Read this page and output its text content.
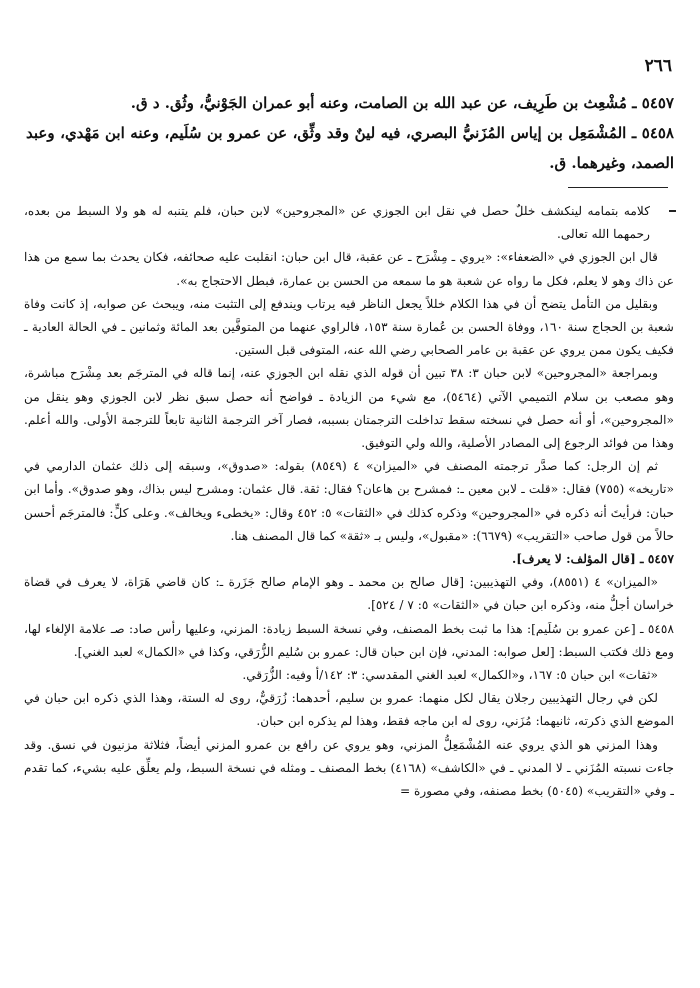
٢٦٦
٥٤٥٧ ـ مُشْعِث بن طَرِيف، عن عبد الله بن الصامت، وعنه أبو عمران الجَوْنيُّ، وثُق. د ق.
٥٤٥٨ ـ المُشْمَعِل بن إياس المُزَنيُّ البصري، فيه لينٌ وقد وثِّق، عن عمرو بن سُلَيم، وعنه ابن مَهْدي، وعبد الصمد، وغيرهما. ق.

كلامه بتمامه لينكشف خللٌ حصل في نقل ابن الجوزي عن «المجروحين» لابن حبان، فلم يتنبه له هو ولا السبط من بعده، رحمهما الله تعالى.

قال ابن الجوزي في «الضعفاء»: «يروي ـ مِشْرَح ـ عن عقبة، قال ابن حبان: انقلبت عليه صحائفه، فكان يحدث بما سمع من هذا عن ذاك وهو لا يعلم، فكل ما رواه عن شعبة هو ما سمعه من الحسن بن عمارة، فبطل الاحتجاج به».

وبقليل من التأمل يتضح أن في هذا الكلام خللاً يجعل الناظر فيه يرتاب ويندفع إلى التثبت منه، ويبحث عن صوابه، إذ كانت وفاة شعبة بن الحجاج سنة ١٦٠، ووفاة الحسن بن عُمارة سنة ١٥٣، فالراوي عنهما من المتوفَّين بعد المائة وثمانين ـ في الحالة العادية ـ فكيف يكون ممن يروي عن عقبة بن عامر الصحابي رضي الله عنه، المتوفى قبل الستين.

وبمراجعة «المجروحين» لابن حبان ٣: ٣٨ تبين أن قوله الذي نقله ابن الجوزي عنه، إنما قاله في المترجَم بعد مِشْرَح مباشرة، وهو مصعب بن سلام التميمي الآتي (٥٤٦٤)، مع شيء من الزيادة ـ فواضح أنه حصل سبق نظر لابن الجوزي وهو ينقل من «المجروحين»، أو أنه حصل في نسخته سقط تداخلت الترجمتان بسببه، فصار آخر الترجمة الثانية تابعاً للترجمة الأولى. والله أعلم. وهذا من فوائد الرجوع إلى المصادر الأصلية، والله ولي التوفيق.

ثم إن الرجل: كما صدَّر ترجمته المصنف في «الميزان» ٤ (٨٥٤٩) بقوله: «صدوق»، وسبقه إلى ذلك عثمان الدارمي في «تاريخه» (٧٥٥) فقال: «قلت ـ لابن معين ـ: فمشرح بن هاعان؟ فقال: ثقة. قال عثمان: ومشرح ليس بذاك، وهو صدوق». وأما ابن حبان: فرأيتَ أنه ذكره في «المجروحين» وذكره كذلك في «الثقات» ٥: ٤٥٢ وقال: «يخطىء ويخالف». وعلى كلٍّ: فالمترجَم أحسن حالاً من قول صاحب «التقريب» (٦٦٧٩): «مقبول»، وليس بـ «ثقة» كما قال المصنف هنا.

٥٤٥٧ ـ [قال المؤلف: لا يعرف].

«الميزان» ٤ (٨٥٥١)، وفي التهذيبين: [قال صالح بن محمد ـ وهو الإمام صالح جَزَرة ـ: كان قاضي هَرَاة، لا يعرف في قضاة خراسان أجلُّ منه، وذكره ابن حبان في «الثقات» ٥: ٧ / ٥٢٤].

٥٤٥٨ ـ [عن عمرو بن سُلَيم]: هذا ما ثبت بخط المصنف، وفي نسخة السبط زيادة: المزني، وعليها رأس صاد: صـ علامة الإلغاء لها، ومع ذلك فكتب السبط: [لعل صوابه: المدني، فإن ابن حبان قال: عمرو بن سُليم الزُّرَقي، وكذا في «الكمال» لعبد الغني].

«ثقات» ابن حبان ٥: ١٦٧، و«الكمال» لعبد الغني المقدسي: ٣: ١٤٢/أ وفيه: الزُّرَقي.

لكن في رجال التهذيبين رجلان يقال لكل منهما: عمرو بن سليم، أحدهما: زُرَقيٌّ، روى له الستة، وهذا الذي ذكره ابن حبان في الموضع الذي ذكرته، ثانيهما: مُزَني، روى له ابن ماجه فقط، وهذا لم يذكره ابن حبان.

وهذا المزني هو الذي يروي عنه المُشْمَعِلُّ المزني، وهو يروي عن رافع بن عمرو المزني أيضاً، فثلاثة مزنيون في نسق. وقد جاءت نسبته المُزَني ـ لا المدني ـ في «الكاشف» (٤١٦٨) بخط المصنف ـ ومثله في نسخة السبط، ولم يعلِّق عليه بشيء، كما تقدم ـ وفي «التقريب» (٥٠٤٥) بخط مصنفه، وفي مصورة =
